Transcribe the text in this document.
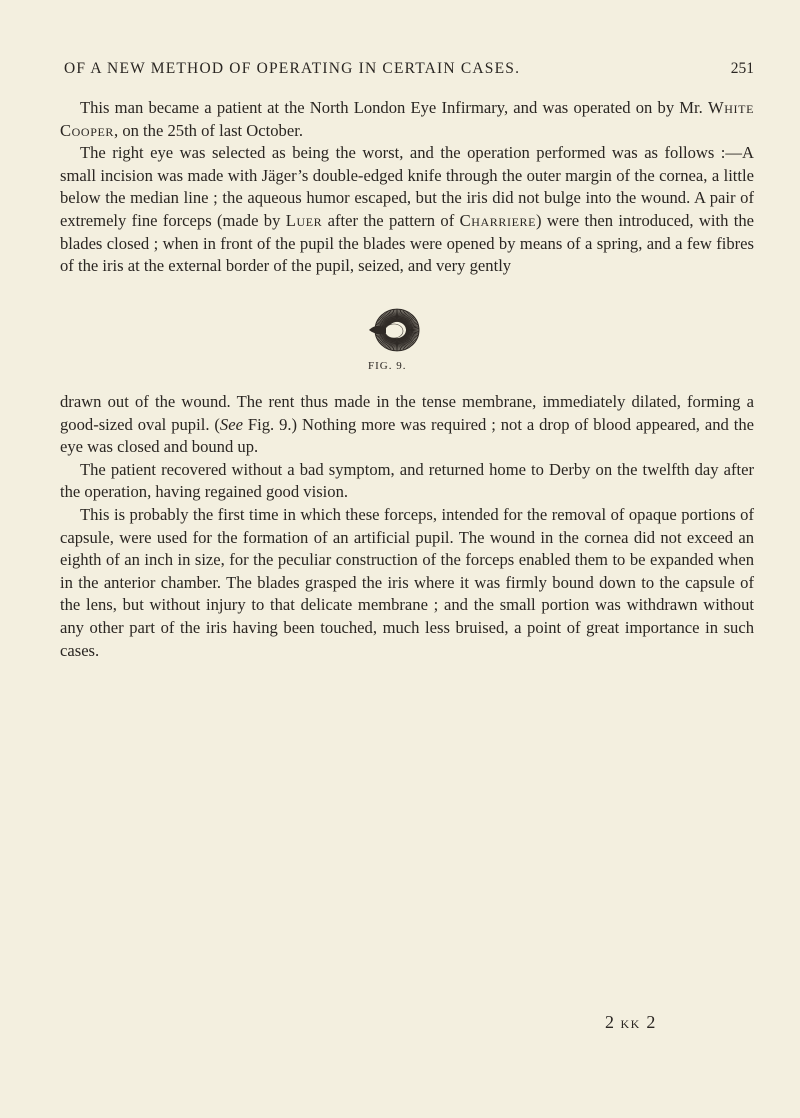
OF A NEW METHOD OF OPERATING IN CERTAIN CASES.	251

This man became a patient at the North London Eye Infirmary, and was operated on by Mr. White Cooper, on the 25th of last October.

The right eye was selected as being the worst, and the operation performed was as follows :—A small incision was made with Jäger’s double-edged knife through the outer margin of the cornea, a little below the median line ; the aqueous humor escaped, but the iris did not bulge into the wound. A pair of extremely fine forceps (made by Luer after the pattern of Charriere) were then introduced, with the blades closed ; when in front of the pupil the blades were opened by means of a spring, and a few fibres of the iris at the external border of the pupil, seized, and very gently

FIG. 9.

drawn out of the wound. The rent thus made in the tense membrane, immediately dilated, forming a good-sized oval pupil. (See Fig. 9.) Nothing more was required ; not a drop of blood appeared, and the eye was closed and bound up.

The patient recovered without a bad symptom, and returned home to Derby on the twelfth day after the operation, having regained good vision.

This is probably the first time in which these forceps, intended for the removal of opaque portions of capsule, were used for the formation of an artificial pupil. The wound in the cornea did not exceed an eighth of an inch in size, for the peculiar construction of the forceps enabled them to be expanded when in the anterior chamber. The blades grasped the iris where it was firmly bound down to the capsule of the lens, but without injury to that delicate membrane ; and the small portion was withdrawn without any other part of the iris having been touched, much less bruised, a point of great importance in such cases.

2 KK 2
